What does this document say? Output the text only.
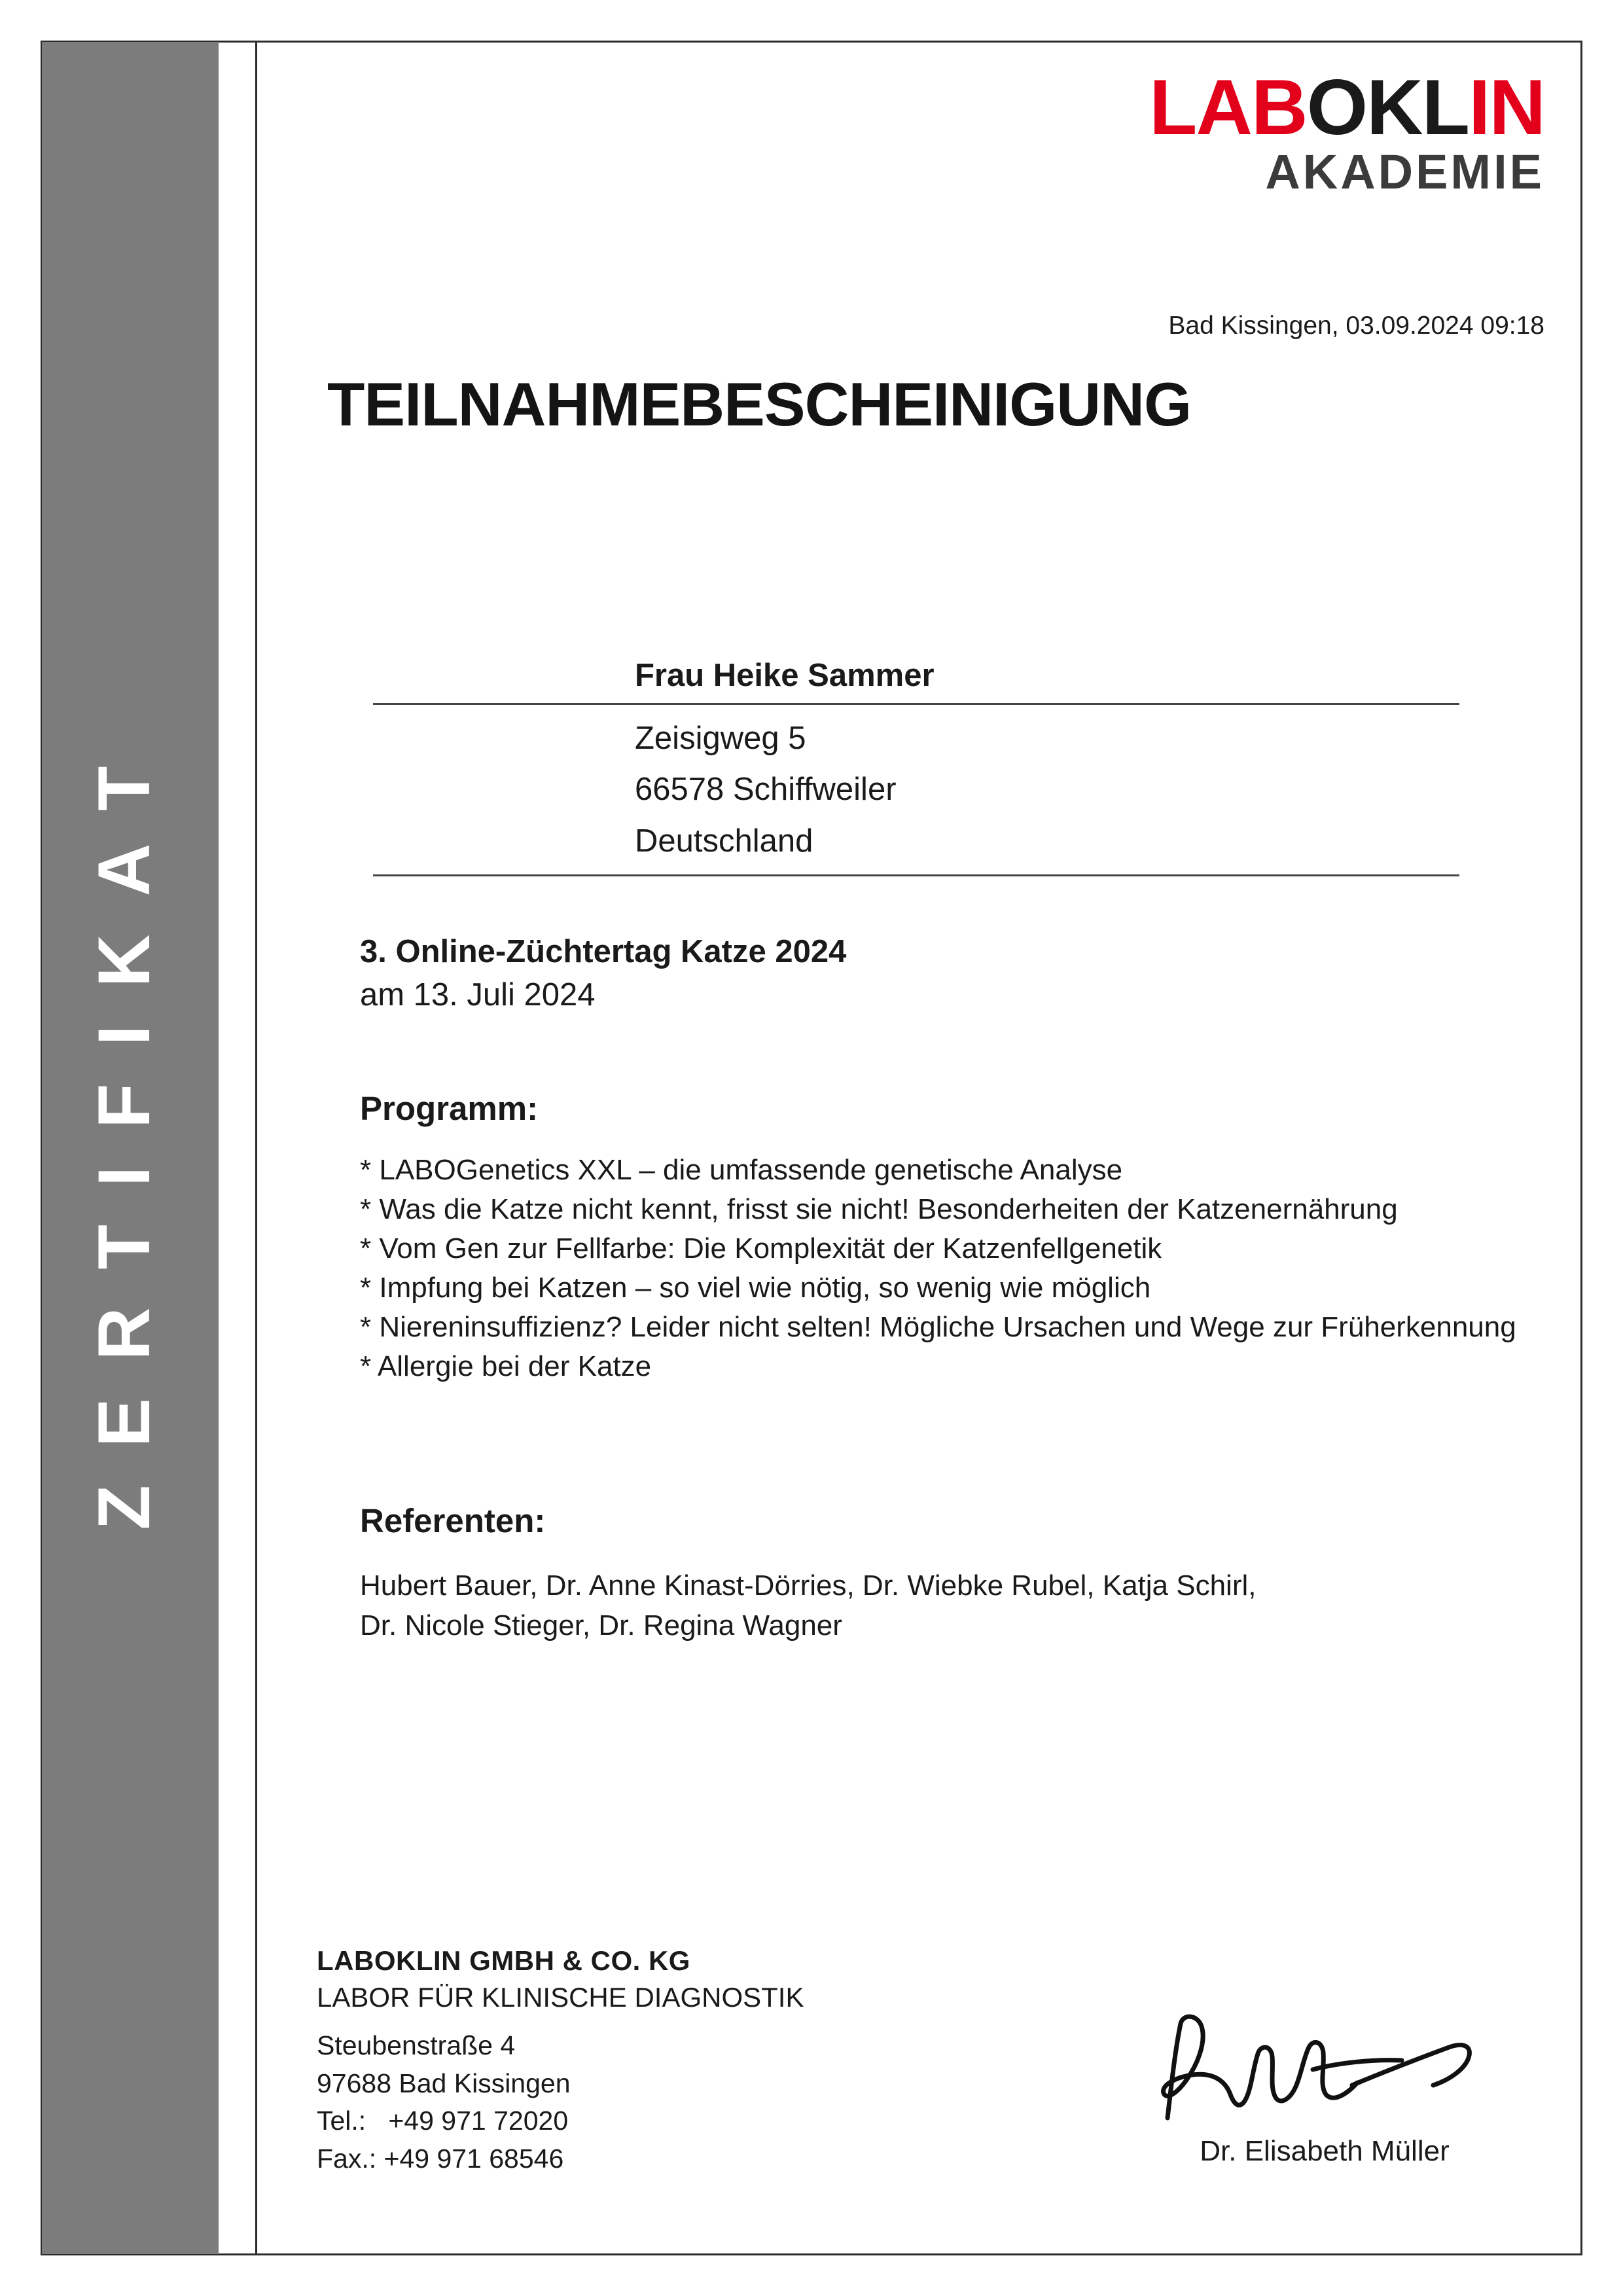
ZERTIFIKAT
LABOKLIN
AKADEMIE
Bad Kissingen, 03.09.2024 09:18
TEILNAHMEBESCHEINIGUNG
Frau Heike Sammer
Zeisigweg 5
66578 Schiffweiler
Deutschland
3. Online-Züchtertag Katze 2024
am 13. Juli 2024
Programm:
* LABOGenetics XXL – die umfassende genetische Analyse
* Was die Katze nicht kennt, frisst sie nicht! Besonderheiten der Katzenernährung
* Vom Gen zur Fellfarbe: Die Komplexität der Katzenfellgenetik
* Impfung bei Katzen – so viel wie nötig, so wenig wie möglich
* Niereninsuffizienz? Leider nicht selten! Mögliche Ursachen und Wege zur Früherkennung
* Allergie bei der Katze
Referenten:
Hubert Bauer, Dr. Anne Kinast-Dörries, Dr. Wiebke Rubel, Katja Schirl,
Dr. Nicole Stieger, Dr. Regina Wagner
LABOKLIN GMBH & CO. KG
LABOR FÜR KLINISCHE DIAGNOSTIK
Steubenstraße 4
97688 Bad Kissingen
Tel.:   +49 971 72020
Fax.: +49 971 68546	Dr. Elisabeth Müller
